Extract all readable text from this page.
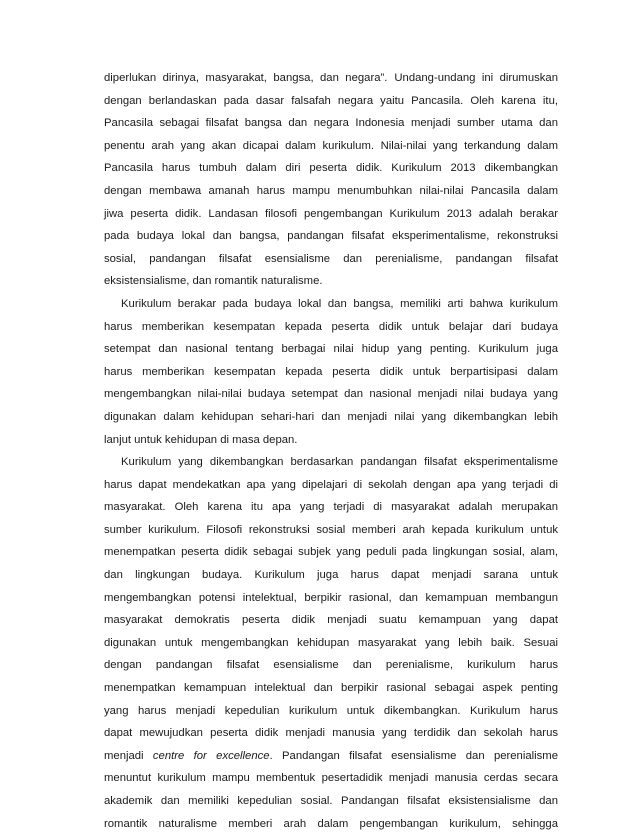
diperlukan dirinya, masyarakat, bangsa, dan negara”. Undang-undang ini dirumuskan
dengan berlandaskan pada dasar falsafah negara yaitu Pancasila. Oleh karena itu,
Pancasila sebagai filsafat bangsa dan negara Indonesia menjadi sumber utama dan
penentu arah yang akan dicapai dalam kurikulum. Nilai-nilai yang terkandung dalam
Pancasila harus tumbuh dalam diri peserta didik. Kurikulum 2013 dikembangkan
dengan membawa amanah harus mampu menumbuhkan nilai-nilai Pancasila dalam
jiwa peserta didik. Landasan filosofi pengembangan Kurikulum 2013 adalah berakar
pada budaya lokal dan bangsa, pandangan filsafat eksperimentalisme, rekonstruksi
sosial, pandangan filsafat esensialisme dan perenialisme, pandangan filsafat
eksistensialisme, dan romantik naturalisme.
Kurikulum berakar pada budaya lokal dan bangsa, memiliki arti bahwa kurikulum
harus memberikan kesempatan kepada peserta didik untuk belajar dari budaya
setempat dan nasional tentang berbagai nilai hidup yang penting. Kurikulum juga
harus memberikan kesempatan kepada peserta didik untuk berpartisipasi dalam
mengembangkan nilai-nilai budaya setempat dan nasional menjadi nilai budaya yang
digunakan dalam kehidupan sehari-hari dan menjadi nilai yang dikembangkan lebih
lanjut untuk kehidupan di masa depan.
Kurikulum yang dikembangkan berdasarkan pandangan filsafat eksperimentalisme
harus dapat mendekatkan apa yang dipelajari di sekolah dengan apa yang terjadi di
masyarakat. Oleh karena itu apa yang terjadi di masyarakat adalah merupakan
sumber kurikulum. Filosofi rekonstruksi sosial memberi arah kepada kurikulum untuk
menempatkan peserta didik sebagai subjek yang peduli pada lingkungan sosial, alam,
dan lingkungan budaya. Kurikulum juga harus dapat menjadi sarana untuk
mengembangkan potensi intelektual, berpikir rasional, dan kemampuan membangun
masyarakat demokratis peserta didik menjadi suatu kemampuan yang dapat
digunakan untuk mengembangkan kehidupan masyarakat yang lebih baik. Sesuai
dengan pandangan filsafat esensialisme dan perenialisme, kurikulum harus
menempatkan kemampuan intelektual dan berpikir rasional sebagai aspek penting
yang harus menjadi kepedulian kurikulum untuk dikembangkan. Kurikulum harus
dapat mewujudkan peserta didik menjadi manusia yang terdidik dan sekolah harus
menjadi centre for excellence. Pandangan filsafat esensialisme dan perenialisme
menuntut kurikulum mampu membentuk pesertadidik menjadi manusia cerdas secara
akademik dan memiliki kepedulian sosial. Pandangan filsafat eksistensialisme dan
romantik naturalisme memberi arah dalam pengembangan kurikulum, sehingga
